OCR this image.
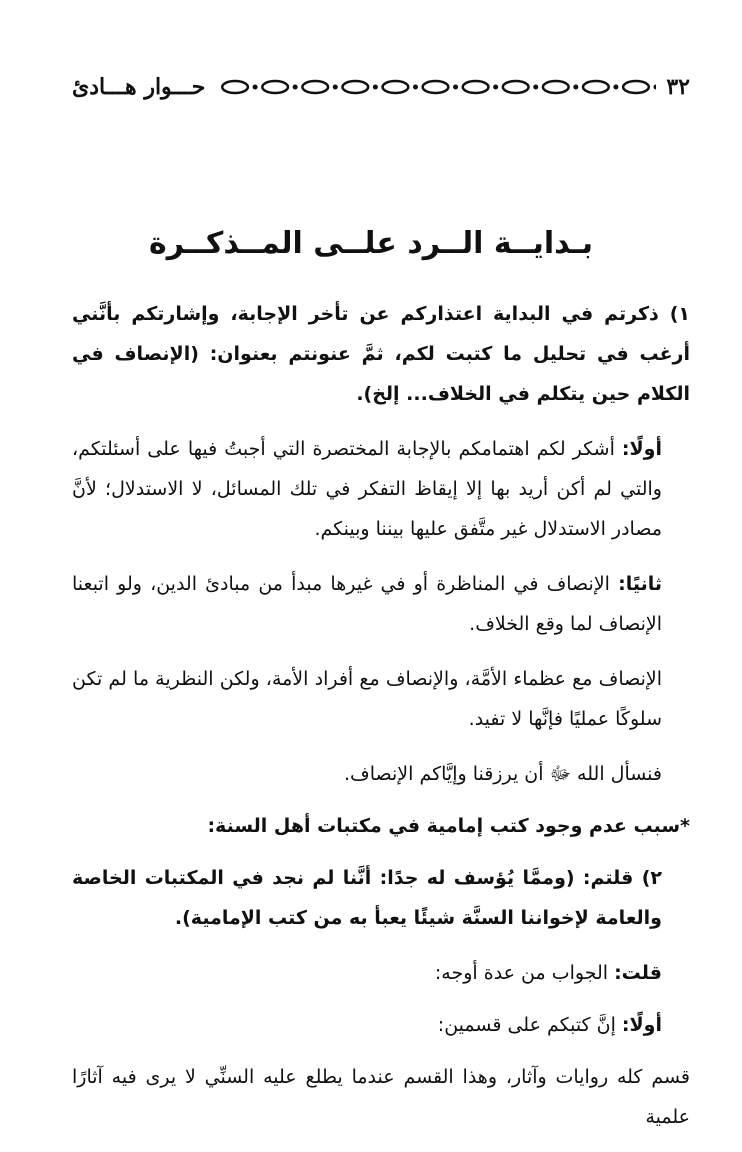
٣٢
حـــوار هـــادئ
بـدايــة الــرد علــى المــذكــرة

١) ذكرتم في البداية اعتذاركم عن تأخر الإجابة، وإشارتكم بأنَّني أرغب في تحليل ما كتبت لكم، ثمَّ عنونتم بعنوان: (الإنصاف في الكلام حين يتكلم في الخلاف... إلخ).

أولًا: أشكر لكم اهتمامكم بالإجابة المختصرة التي أجبتُ فيها على أسئلتكم، والتي لم أكن أريد بها إلا إيقاظ التفكر في تلك المسائل، لا الاستدلال؛ لأنَّ مصادر الاستدلال غير متَّفق عليها بيننا وبينكم.

ثانيًا: الإنصاف في المناظرة أو في غيرها مبدأ من مبادئ الدين، ولو اتبعنا الإنصاف لما وقع الخلاف.

الإنصاف مع عظماء الأمَّة، والإنصاف مع أفراد الأمة، ولكن النظرية ما لم تكن سلوكًا عمليًا فإنَّها لا تفيد.

فنسأل الله ﷻ أن يرزقنا وإيَّاكم الإنصاف.

*سبب عدم وجود كتب إمامية في مكتبات أهل السنة:

٢) قلتم: (وممَّا يُؤسف له جدًا: أنَّنا لم نجد في المكتبات الخاصة والعامة لإخواننا السنَّة شيئًا يعبأ به من كتب الإمامية).

قلت: الجواب من عدة أوجه:

أولًا: إنَّ كتبكم على قسمين:

قسم كله روايات وآثار، وهذا القسم عندما يطلع عليه السنِّي لا يرى فيه آثارًا علمية
